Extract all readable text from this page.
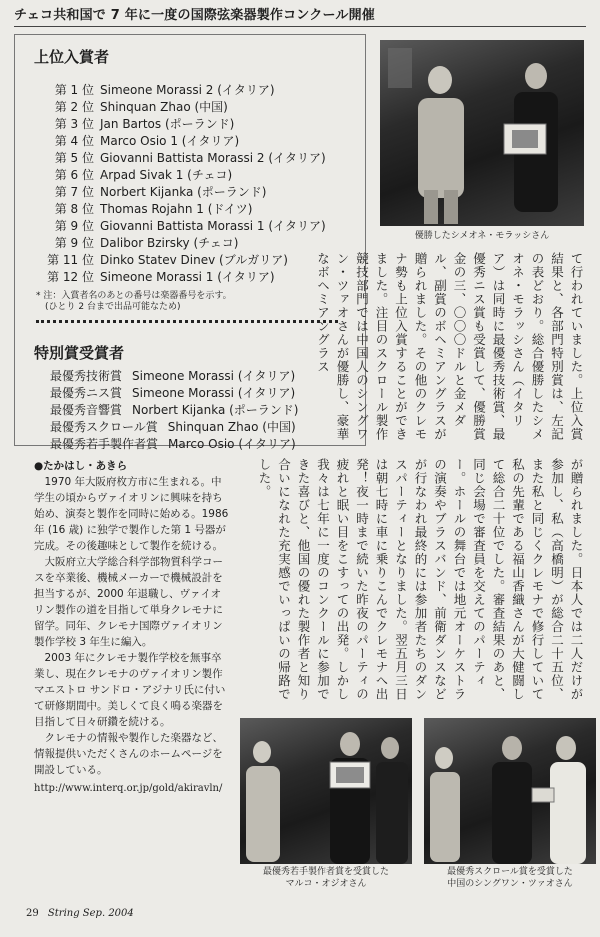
チェコ共和国で 7 年に一度の国際弦楽器製作コンクール開催
上位入賞者
第 1 位 Simeone Morassi 2 (イタリア)
第 2 位 Shinquan Zhao (中国)
第 3 位 Jan Bartos (ポーランド)
第 4 位 Marco Osio 1 (イタリア)
第 5 位 Giovanni Battista Morassi 2 (イタリア)
第 6 位 Arpad Sivak 1 (チェコ)
第 7 位 Norbert Kijanka (ポーランド)
第 8 位 Thomas Rojahn 1 (ドイツ)
第 9 位 Giovanni Battista Morassi 1 (イタリア)
第 9 位 Dalibor Bzirsky (チェコ)
第 11 位 Dinko Statev Dinev (ブルガリア)
第 12 位 Simeone Morassi 1 (イタリア)
* 注：入賞者名のあとの番号は楽器番号を示す。
　(ひとり 2 台まで出品可能なため)
特別賞受賞者
最優秀技術賞 Simeone Morassi (イタリア)
最優秀ニス賞 Simeone Morassi (イタリア)
最優秀音響賞 Norbert Kijanka (ポーランド)
最優秀スクロール賞 Shinquan Zhao (中国)
最優秀若手製作者賞 Marco Osio (イタリア)
優勝したシメオネ・モラッシさん
て行われていました。上位入賞結果と、各部門特別賞は、左記の表どおり。総合優勝したシメオネ・モラッシさん（イタリア）は同時に最優秀技術賞、最優秀ニス賞も受賞して、優勝賞金の三、〇〇〇ドルと金メダル、副賞のボヘミアングラスが贈られました。その他のクレモナ勢も上位入賞することができました。注目のスクロール製作競技部門では中国人のシングワン・ツァオさんが優勝し、豪華なボヘミアングラス
が贈られました。日本人では二人だけが参加し、私（高橋明）が総合二十五位、また私と同じくクレモナで修行していて私の先輩である福山香織さんが大健闘して総合二十位でした。審査結果のあと、同じ会場で審査員を交えてのパーティー。ホールの舞台では地元オーケストラの演奏やブラスバンド、前衛ダンスなどが行なわれ最終的には参加者たちのダンスパーティーとなりました。翌五月三日は朝七時に車に乗りこんでクレモナへ出発！夜一時まで続いた昨夜のパーティの疲れと眠い目をこすっての出発。しかし我々は七年に一度のコンクールに参加できた喜びと、他国の優れた製作者と知り合いになれた充実感でいっぱいの帰路でした。
●たかはし・あきら

1970 年大阪府枚方市に生まれる。中学生の頃からヴァイオリンに興味を持ち始め、演奏と製作を同時に始める。1986 年 (16 歳) に独学で製作した第 1 号器が完成。その後趣味として製作を続ける。

大阪府立大学総合科学部物質科学コースを卒業後、機械メーカーで機械設計を担当するが、2000 年退職し、ヴァイオリン製作の道を目指して単身クレモナに留学。同年、クレモナ国際ヴァイオリン製作学校 3 年生に編入。

2003 年にクレモナ製作学校を無事卒業し、現在クレモナのヴァイオリン製作マエストロ サンドロ・アジナリ氏に付いて研修期間中。美しくて良く鳴る楽器を目指して日々研鑽を続ける。

クレモナの情報や製作した楽器など、情報提供いただくさんのホームページを開設している。

http://www.interq.or.jp/gold/akiravln/
最優秀若手製作者賞を受賞した
マルコ・オジオさん
最優秀スクロール賞を受賞した
中国のシングワン・ツァオさん
29 String Sep. 2004
